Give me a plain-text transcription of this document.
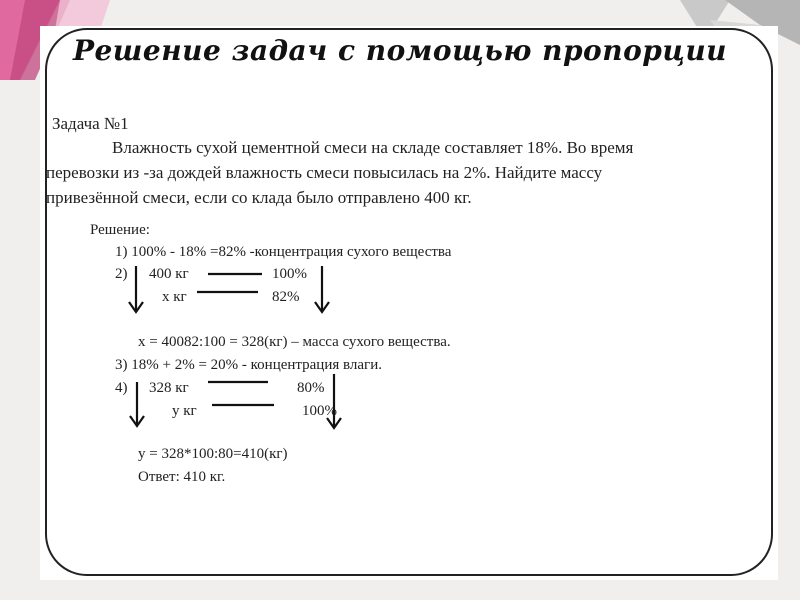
Решение задач с помощью пропорции
Задача №1
Влажность сухой цементной смеси на складе составляет 18%. Во время
перевозки из -за дождей влажность смеси повысилась на 2%. Найдите массу
привезённой смеси, если со клада было отправлено 400 кг.
Решение:
1) 100% - 18% =82% -концентрация сухого вещества
2) 400 кг	100%
х кг	82%
х = 40082:100 = 328(кг) – масса сухого вещества.
3) 18% + 2% = 20% - концентрация влаги.
4) 328 кг	80%
у кг	100%
у = 328*100:80=410(кг)
Ответ: 410 кг.
